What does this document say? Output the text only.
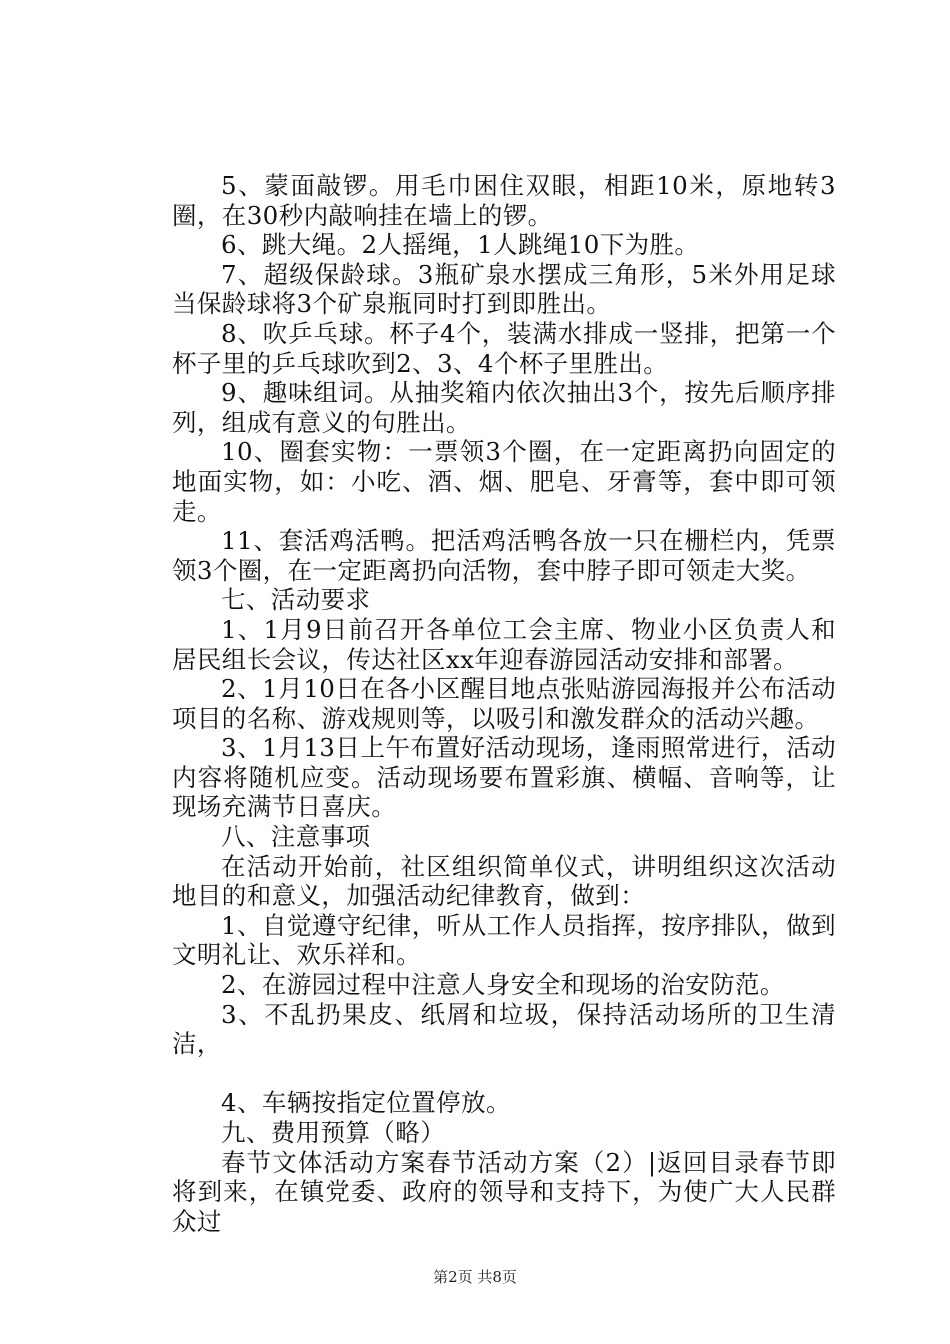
5、蒙面敲锣。用毛巾困住双眼，相距10米，原地转3圈，在30秒内敲响挂在墙上的锣。

6、跳大绳。2人摇绳，1人跳绳10下为胜。

7、超级保龄球。3瓶矿泉水摆成三角形，5米外用足球当保龄球将3个矿泉瓶同时打到即胜出。

8、吹乒乓球。杯子4个，装满水排成一竖排，把第一个杯子里的乒乓球吹到2、3、4个杯子里胜出。

9、趣味组词。从抽奖箱内依次抽出3个，按先后顺序排列，组成有意义的句胜出。

10、圈套实物：一票领3个圈，在一定距离扔向固定的地面实物，如：小吃、酒、烟、肥皂、牙膏等，套中即可领走。

11、套活鸡活鸭。把活鸡活鸭各放一只在栅栏内，凭票领3个圈，在一定距离扔向活物，套中脖子即可领走大奖。

七、活动要求

1、1月9日前召开各单位工会主席、物业小区负责人和居民组长会议，传达社区xx年迎春游园活动安排和部署。

2、1月10日在各小区醒目地点张贴游园海报并公布活动项目的名称、游戏规则等，以吸引和激发群众的活动兴趣。

3、1月13日上午布置好活动现场，逢雨照常进行，活动内容将随机应变。活动现场要布置彩旗、横幅、音响等，让现场充满节日喜庆。

八、注意事项

在活动开始前，社区组织简单仪式，讲明组织这次活动地目的和意义，加强活动纪律教育，做到：

1、自觉遵守纪律，听从工作人员指挥，按序排队，做到文明礼让、欢乐祥和。

2、在游园过程中注意人身安全和现场的治安防范。

3、不乱扔果皮、纸屑和垃圾，保持活动场所的卫生清洁，

4、车辆按指定位置停放。

九、费用预算（略）

春节文体活动方案春节活动方案（2）|返回目录春节即将到来，在镇党委、政府的领导和支持下，为使广大人民群众过

第2页 共8页
